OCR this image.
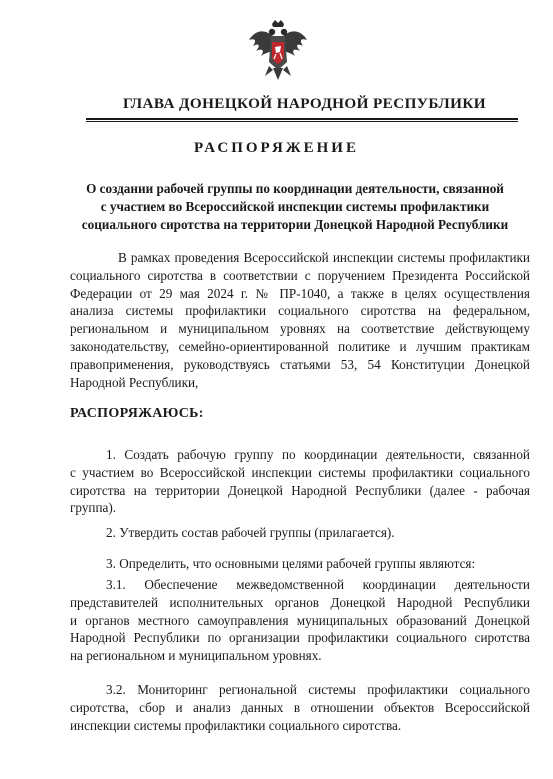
ГЛАВА ДОНЕЦКОЙ НАРОДНОЙ РЕСПУБЛИКИ
РАСПОРЯЖЕНИЕ
О создании рабочей группы по координации деятельности, связанной
с участием во Всероссийской инспекции системы профилактики
социального сиротства на территории Донецкой Народной Республики
В рамках проведения Всероссийской инспекции системы профилактики
социального сиротства в соответствии с поручением Президента Российской
Федерации от 29 мая 2024 г. № ПР-1040, а также в целях осуществления
анализа системы профилактики социального сиротства на федеральном,
региональном и муниципальном уровнях на соответствие действующему
законодательству, семейно-ориентированной политике и лучшим практикам
правоприменения, руководствуясь статьями 53, 54 Конституции Донецкой
Народной Республики,
РАСПОРЯЖАЮСЬ:
1. Создать рабочую группу по координации деятельности, связанной
с участием во Всероссийской инспекции системы профилактики социального
сиротства на территории Донецкой Народной Республики (далее - рабочая
группа).
2. Утвердить состав рабочей группы (прилагается).
3. Определить, что основными целями рабочей группы являются:
3.1. Обеспечение межведомственной координации деятельности
представителей исполнительных органов Донецкой Народной Республики
и органов местного самоуправления муниципальных образований Донецкой
Народной Республики по организации профилактики социального сиротства
на региональном и муниципальном уровнях.
3.2. Мониторинг региональной системы профилактики социального
сиротства, сбор и анализ данных в отношении объектов Всероссийской
инспекции системы профилактики социального сиротства.
